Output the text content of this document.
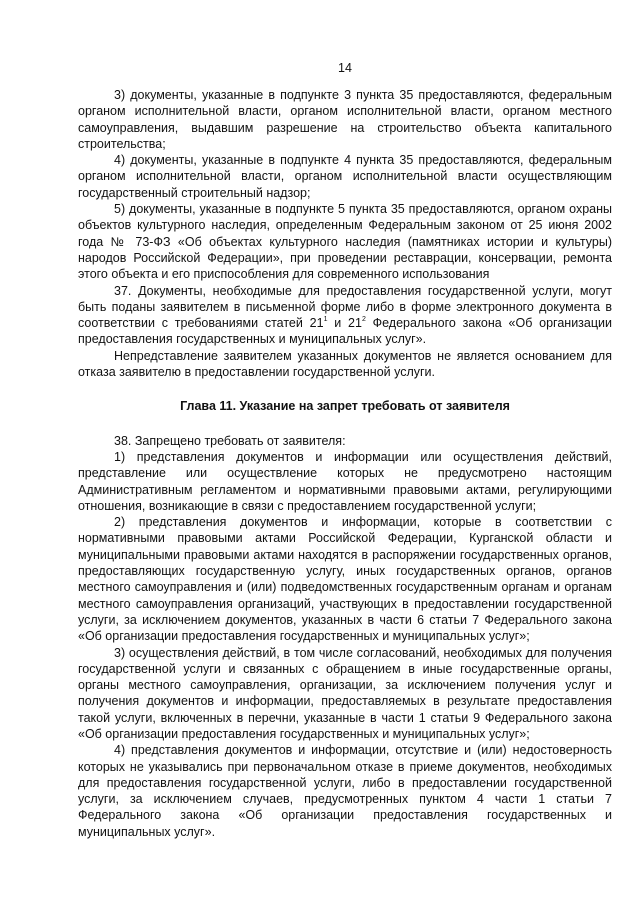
14

3) документы, указанные в подпункте 3 пункта 35 предоставляются, федеральным органом исполнительной власти, органом исполнительной власти, органом местного самоуправления, выдавшим разрешение на строительство объекта капитального строительства;

4) документы, указанные в подпункте 4 пункта 35 предоставляются, федеральным органом исполнительной власти, органом исполнительной власти осуществляющим государственный строительный надзор;

5) документы, указанные в подпункте 5 пункта 35 предоставляются, органом охраны объектов культурного наследия, определенным Федеральным законом от 25 июня 2002 года № 73-ФЗ «Об объектах культурного наследия (памятниках истории и культуры) народов Российской Федерации», при проведении реставрации, консервации, ремонта этого объекта и его приспособления для современного использования

37. Документы, необходимые для предоставления государственной услуги, могут быть поданы заявителем в письменной форме либо в форме электронного документа в соответствии с требованиями статей $21^1$ и $21^2$ Федерального закона «Об организации предоставления государственных и муниципальных услуг».

Непредставление заявителем указанных документов не является основанием для отказа заявителю в предоставлении государственной услуги.

Глава 11. Указание на запрет требовать от заявителя

38. Запрещено требовать от заявителя:

1) представления документов и информации или осуществления действий, представление или осуществление которых не предусмотрено настоящим Административным регламентом и нормативными правовыми актами, регулирующими отношения, возникающие в связи с предоставлением государственной услуги;

2) представления документов и информации, которые в соответствии с нормативными правовыми актами Российской Федерации, Курганской области и муниципальными правовыми актами находятся в распоряжении государственных органов, предоставляющих государственную услугу, иных государственных органов, органов местного самоуправления и (или) подведомственных государственным органам и органам местного самоуправления организаций, участвующих в предоставлении государственной услуги, за исключением документов, указанных в части 6 статьи 7 Федерального закона «Об организации предоставления государственных и муниципальных услуг»;

3) осуществления действий, в том числе согласований, необходимых для получения государственной услуги и связанных с обращением в иные государственные органы, органы местного самоуправления, организации, за исключением получения услуг и получения документов и информации, предоставляемых в результате предоставления такой услуги, включенных в перечни, указанные в части 1 статьи 9 Федерального закона «Об организации предоставления государственных и муниципальных услуг»;

4) представления документов и информации, отсутствие и (или) недостоверность которых не указывались при первоначальном отказе в приеме документов, необходимых для предоставления государственной услуги, либо в предоставлении государственной услуги, за исключением случаев, предусмотренных пунктом 4 части 1 статьи 7 Федерального закона «Об организации предоставления государственных и муниципальных услуг».
